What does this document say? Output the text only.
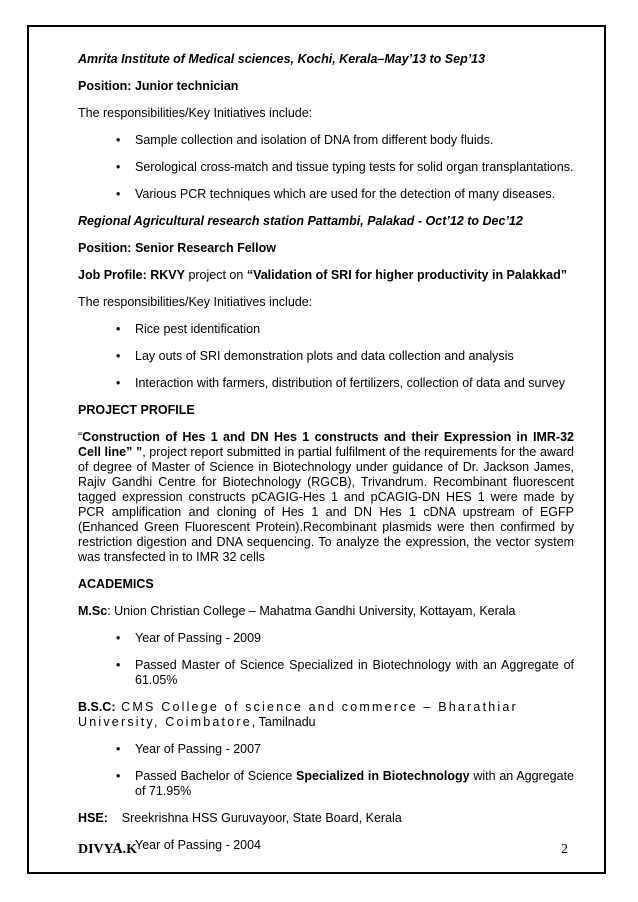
Amrita Institute of Medical sciences, Kochi, Kerala–May’13 to Sep’13

Position: Junior technician

The responsibilities/Key Initiatives include:

• Sample collection and isolation of DNA from different body fluids.
• Serological cross-match and tissue typing tests for solid organ transplantations.
• Various PCR techniques which are used for the detection of many diseases.

Regional Agricultural research station Pattambi, Palakad - Oct’12 to Dec’12

Position: Senior Research Fellow

Job Profile: RKVY project on “Validation of SRI for higher productivity in Palakkad”

The responsibilities/Key Initiatives include:

• Rice pest identification
• Lay outs of SRI demonstration plots and data collection and analysis
• Interaction with farmers, distribution of fertilizers, collection of data and survey

PROJECT PROFILE

“Construction of Hes 1 and DN Hes 1 constructs and their Expression in IMR-32 Cell line” ”, project report submitted in partial fulfilment of the requirements for the award of degree of Master of Science in Biotechnology under guidance of Dr. Jackson James, Rajiv Gandhi Centre for Biotechnology (RGCB), Trivandrum. Recombinant fluorescent tagged expression constructs pCAGIG-Hes 1 and pCAGIG-DN HES 1 were made by PCR amplification and cloning of Hes 1 and DN Hes 1 cDNA upstream of EGFP (Enhanced Green Fluorescent Protein).Recombinant plasmids were then confirmed by restriction digestion and DNA sequencing. To analyze the expression, the vector system was transfected in to IMR 32 cells

ACADEMICS

M.Sc: Union Christian College – Mahatma Gandhi University, Kottayam, Kerala

• Year of Passing - 2009
• Passed Master of Science Specialized in Biotechnology with an Aggregate of 61.05%

B.S.C: CMS College of science and commerce – Bharathiar University, Coimbatore, Tamilnadu

• Year of Passing - 2007
• Passed Bachelor of Science Specialized in Biotechnology with an Aggregate of 71.95%

HSE:    Sreekrishna HSS Guruvayoor, State Board, Kerala

• Year of Passing - 2004
DIVYA.K	2
